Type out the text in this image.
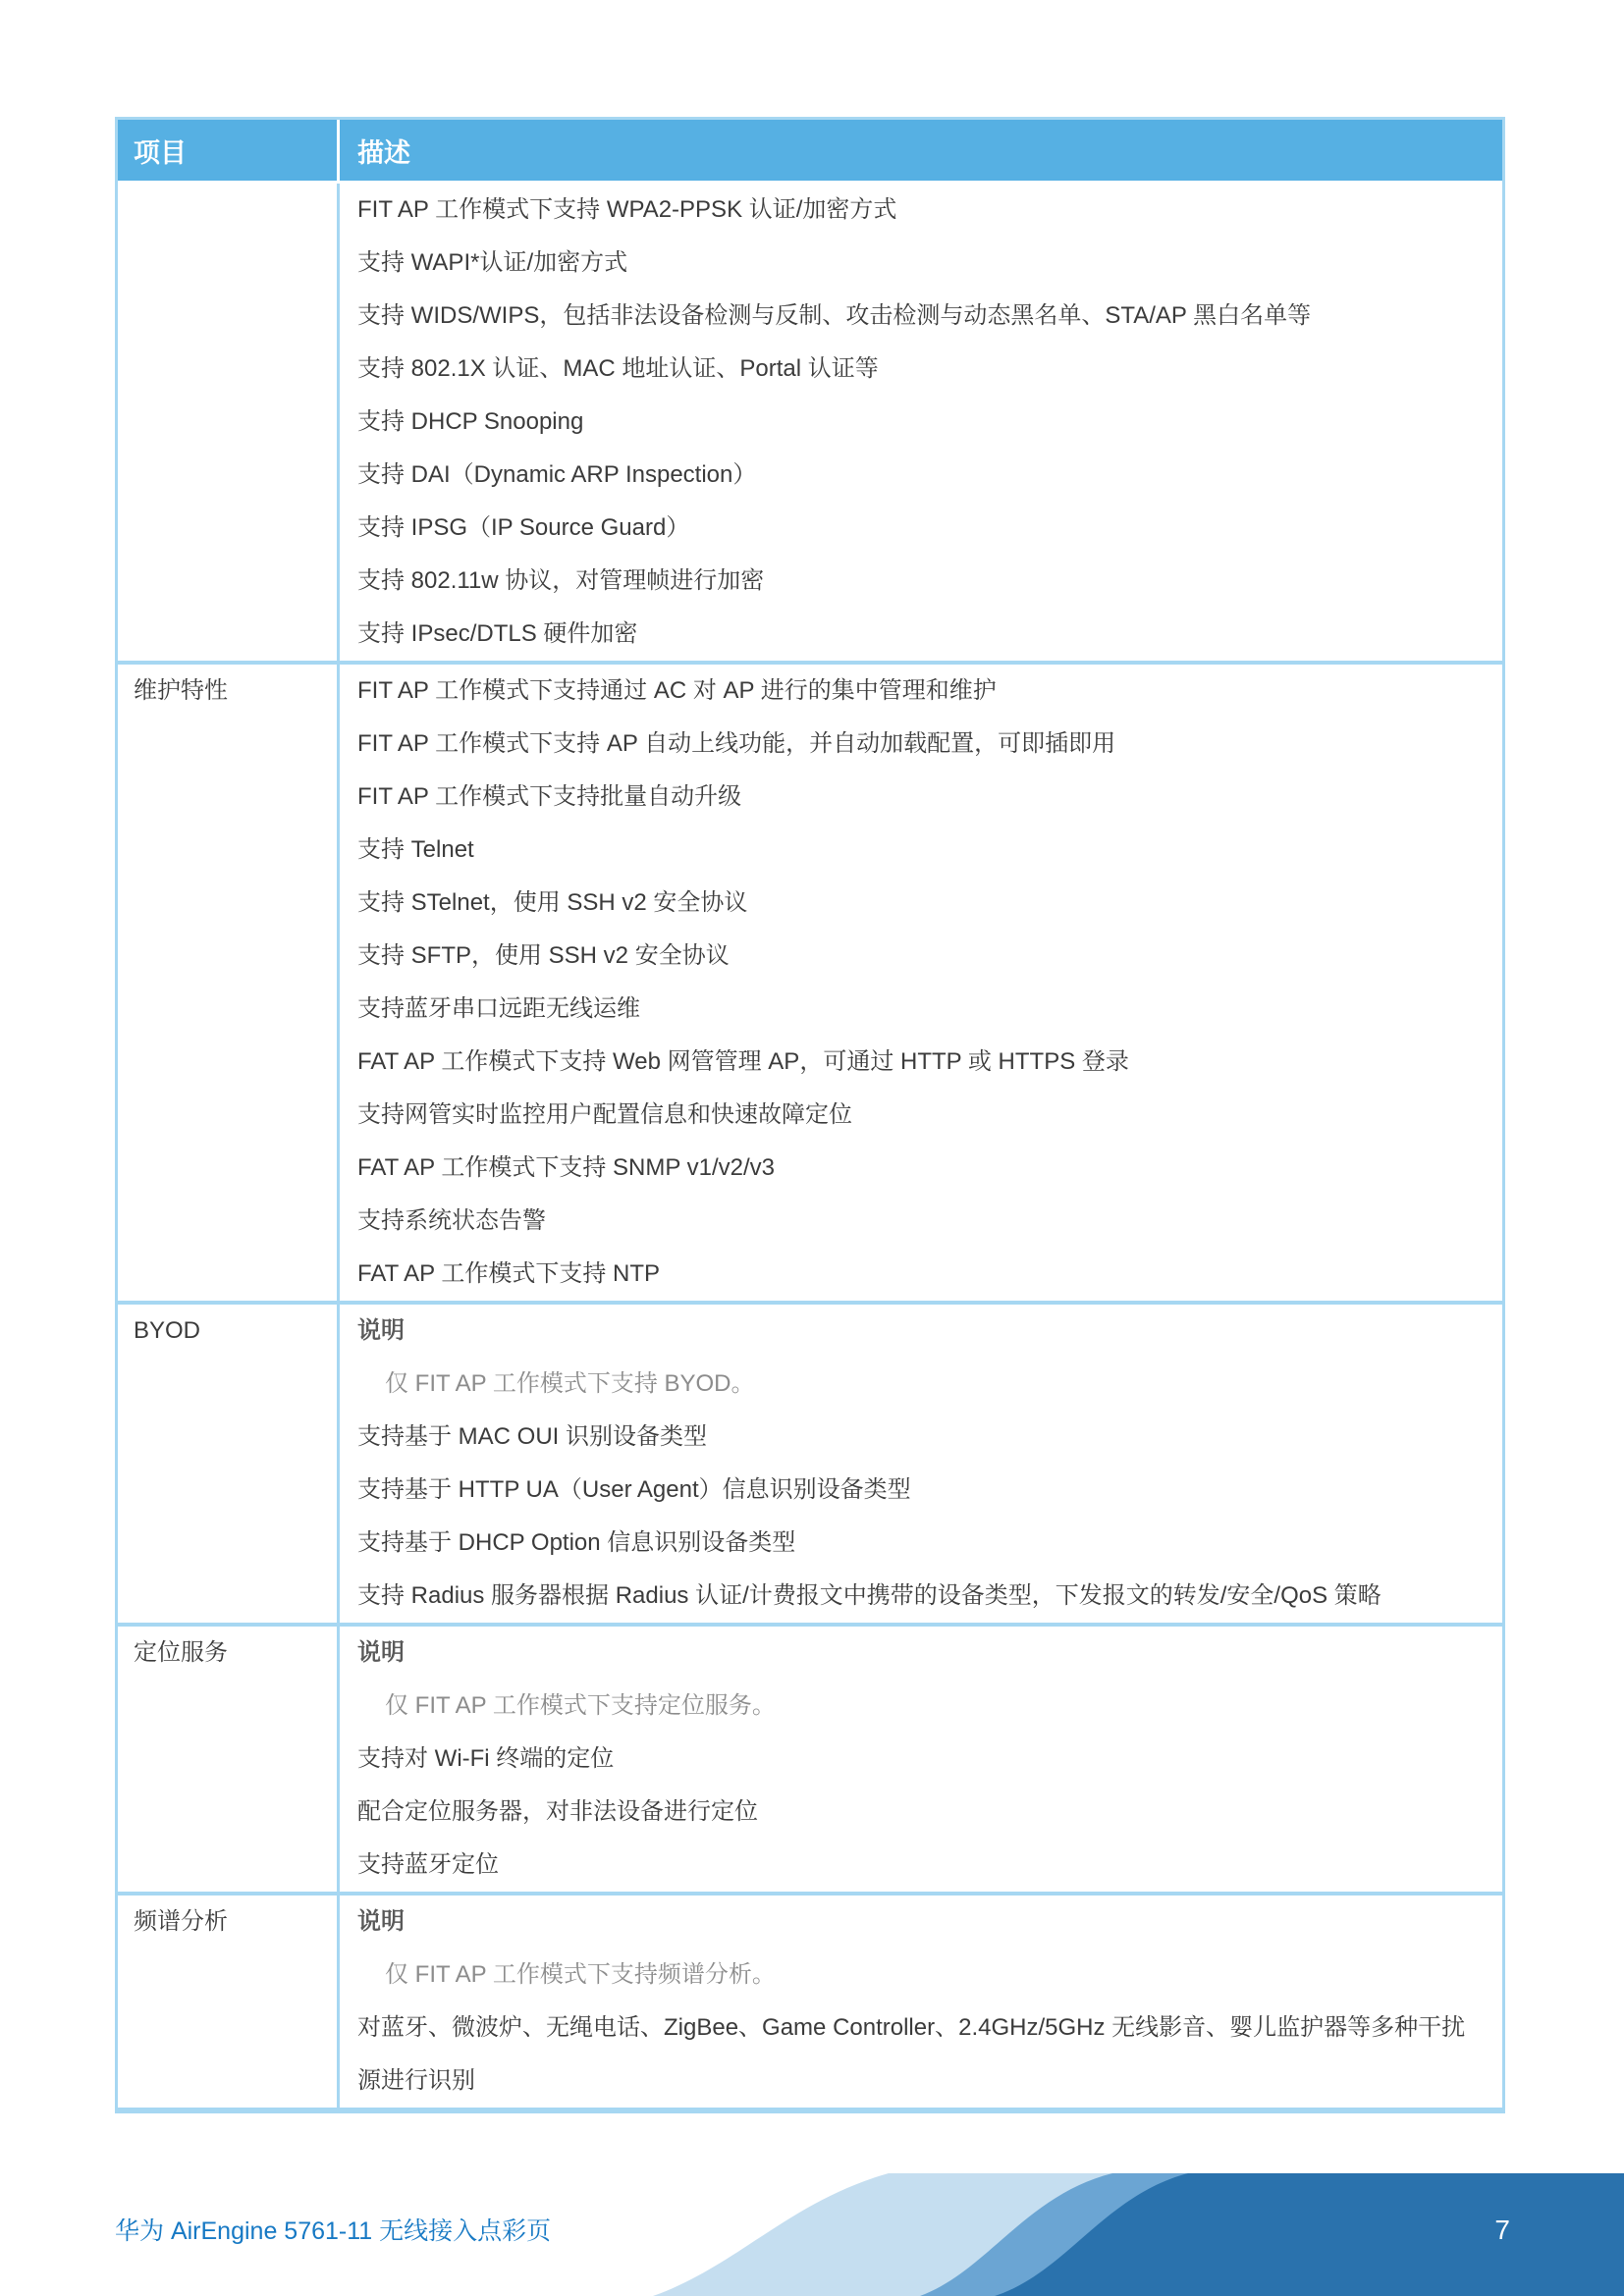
项目	描述
FIT AP 工作模式下支持 WPA2-PPSK 认证/加密方式
支持 WAPI*认证/加密方式
支持 WIDS/WIPS，包括非法设备检测与反制、攻击检测与动态黑名单、STA/AP 黑白名单等
支持 802.1X 认证、MAC 地址认证、Portal 认证等
支持 DHCP Snooping
支持 DAI（Dynamic ARP Inspection）
支持 IPSG（IP Source Guard）
支持 802.11w 协议，对管理帧进行加密
支持 IPsec/DTLS 硬件加密
维护特性	FIT AP 工作模式下支持通过 AC 对 AP 进行的集中管理和维护
FIT AP 工作模式下支持 AP 自动上线功能，并自动加载配置，可即插即用
FIT AP 工作模式下支持批量自动升级
支持 Telnet
支持 STelnet，使用 SSH v2 安全协议
支持 SFTP，使用 SSH v2 安全协议
支持蓝牙串口远距无线运维
FAT AP 工作模式下支持 Web 网管管理 AP，可通过 HTTP 或 HTTPS 登录
支持网管实时监控用户配置信息和快速故障定位
FAT AP 工作模式下支持 SNMP v1/v2/v3
支持系统状态告警
FAT AP 工作模式下支持 NTP
BYOD	说明
仅 FIT AP 工作模式下支持 BYOD。
支持基于 MAC OUI 识别设备类型
支持基于 HTTP UA（User Agent）信息识别设备类型
支持基于 DHCP Option 信息识别设备类型
支持 Radius 服务器根据 Radius 认证/计费报文中携带的设备类型，下发报文的转发/安全/QoS 策略
定位服务	说明
仅 FIT AP 工作模式下支持定位服务。
支持对 Wi-Fi 终端的定位
配合定位服务器，对非法设备进行定位
支持蓝牙定位
频谱分析	说明
仅 FIT AP 工作模式下支持频谱分析。
对蓝牙、微波炉、无绳电话、ZigBee、Game Controller、2.4GHz/5GHz 无线影音、婴儿监护器等多种干扰源进行识别
华为 AirEngine 5761-11 无线接入点彩页	7
